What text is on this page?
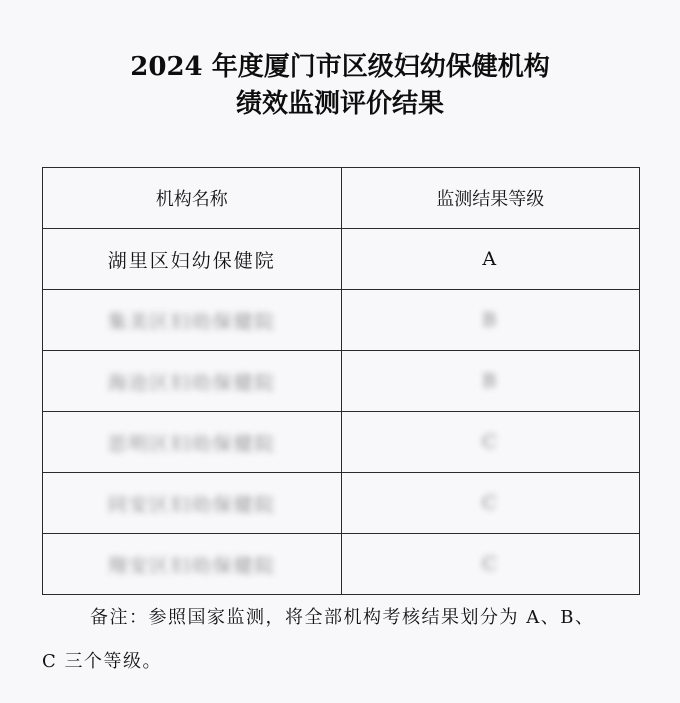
2024 年度厦门市区级妇幼保健机构
绩效监测评价结果
机构名称	监测结果等级
湖里区妇幼保健院	A
集美区妇幼保健院	B
海沧区妇幼保健院	B
思明区妇幼保健院	C
同安区妇幼保健院	C
翔安区妇幼保健院	C
备注：参照国家监测，将全部机构考核结果划分为 A、B、
C 三个等级。
